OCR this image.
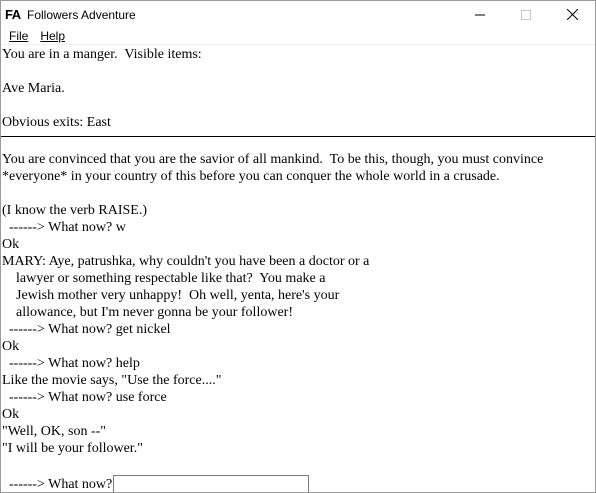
FA Followers Adventure
File	Help
You are in a manger.  Visible items:

Ave Maria.

Obvious exits: East
You are convinced that you are the savior of all mankind.  To be this, though, you must convince
*everyone* in your country of this before you can conquer the whole world in a crusade.
(I know the verb RAISE.)
------> What now? w
Ok
MARY: Aye, patrushka, why couldn't you have been a doctor or a
lawyer or something respectable like that?  You make a
Jewish mother very unhappy!  Oh well, yenta, here's your
allowance, but I'm never gonna be your follower!
------> What now? get nickel
Ok
------> What now? help
Like the movie says, "Use the force...."
------> What now? use force
Ok
"Well, OK, son --"
"I will be your follower."
------> What now?
